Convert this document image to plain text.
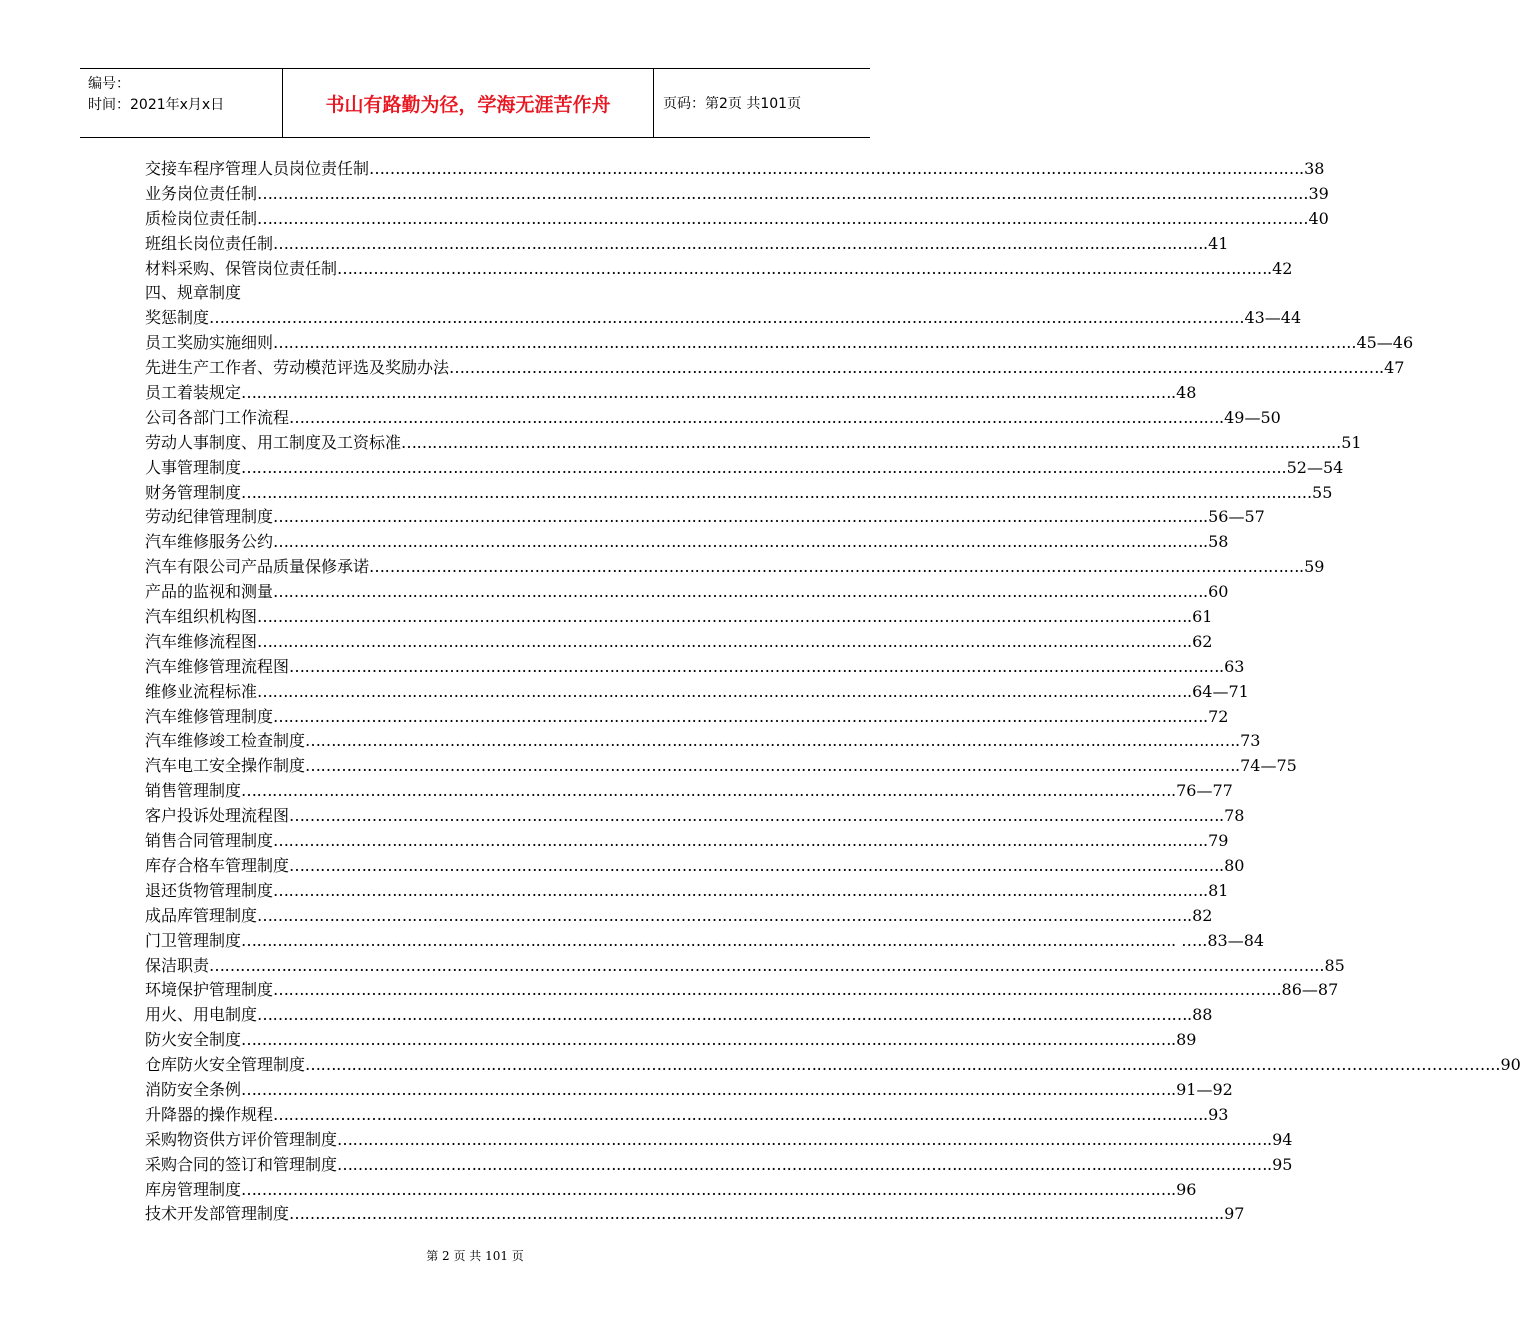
编号：
时间：2021年x月x日	书山有路勤为径，学海无涯苦作舟	页码：第2页 共101页
交接车程序管理人员岗位责任制 ……………………………………………………………………………………………………………………………………………………………… .38
业务岗位责任制 ……………………………………………………………………………………………………………………………………………………………… ..………………...39
质检岗位责任制 ……………………………………………………………………………………………………………………………………………………………… ..………………...40
班组长岗位责任制 ……………………………………………………………………………………………………………………………………………………………… .41
材料采购、保管岗位责任制 ……………………………………………………………………………………………………………………………………………………………… .42
四、规章制度
奖惩制度 ……………………………………………………………………………………………………………………………………………………………… ..……………...43—44
员工奖励实施细则 ……………………………………………………………………………………………………………………………………………………………… ..……………………...45—46
先进生产工作者、劳动模范评选及奖励办法 ……………………………………………………………………………………………………………………………………………………………… .47
员工着装规定 ……………………………………………………………………………………………………………………………………………………………… .48
公司各部门工作流程 ……………………………………………………………………………………………………………………………………………………………… .49—50
劳动人事制度、用工制度及工资标准 ……………………………………………………………………………………………………………………………………………………………… ..51
人事管理制度 ……………………………………………………………………………………………………………………………………………………………… ..…………….....52—54
财务管理制度 ……………………………………………………………………………………………………………………………………………………………… ..……………..........55
劳动纪律管理制度 ……………………………………………………………………………………………………………………………………………………………… .56—57
汽车维修服务公约 ……………………………………………………………………………………………………………………………………………………………… .58
汽车有限公司产品质量保修承诺 ……………………………………………………………………………………………………………………………………………………………… .59
产品的监视和测量 ……………………………………………………………………………………………………………………………………………………………… .60
汽车组织机构图 ……………………………………………………………………………………………………………………………………………………………… .61
汽车维修流程图 ……………………………………………………………………………………………………………………………………………………………… .62
汽车维修管理流程图 ……………………………………………………………………………………………………………………………………………………………… .63
维修业流程标准 ……………………………………………………………………………………………………………………………………………………………… .64—71
汽车维修管理制度 ……………………………………………………………………………………………………………………………………………………………… .72
汽车维修竣工检查制度 ……………………………………………………………………………………………………………………………………………………………… .73
汽车电工安全操作制度 ……………………………………………………………………………………………………………………………………………………………… .74—75
销售管理制度 ……………………………………………………………………………………………………………………………………………………………… .76—77
客户投诉处理流程图 ……………………………………………………………………………………………………………………………………………………………… .78
销售合同管理制度 ……………………………………………………………………………………………………………………………………………………………… .79
库存合格车管理制度 ……………………………………………………………………………………………………………………………………………………………… .80
退还货物管理制度 ……………………………………………………………………………………………………………………………………………………………… .81
成品库管理制度 ……………………………………………………………………………………………………………………………………………………………… .82
门卫管理制度 ……………………………………………………………………………………………………………………………………………………………… . …..83—84
保洁职责 ……………………………………………………………………………………………………………………………………………………………… ..…………………………...85
环境保护管理制度 ……………………………………………………………………………………………………………………………………………………………… ...………...86—87
用火、用电制度 ……………………………………………………………………………………………………………………………………………………………… .88
防火安全制度 ……………………………………………………………………………………………………………………………………………………………… .89
仓库防火安全管理制度 ……………………………………………………………………………………………………………………………………………………………… ..………………………………………...90
消防安全条例 ……………………………………………………………………………………………………………………………………………………………… .91—92
升降器的操作规程 ……………………………………………………………………………………………………………………………………………………………… .93
采购物资供方评价管理制度 ……………………………………………………………………………………………………………………………………………………………… .94
采购合同的签订和管理制度 ……………………………………………………………………………………………………………………………………………………………… .95
库房管理制度 ……………………………………………………………………………………………………………………………………………………………… .96
技术开发部管理制度 ……………………………………………………………………………………………………………………………………………………………… .97
第 2 页 共 101 页
